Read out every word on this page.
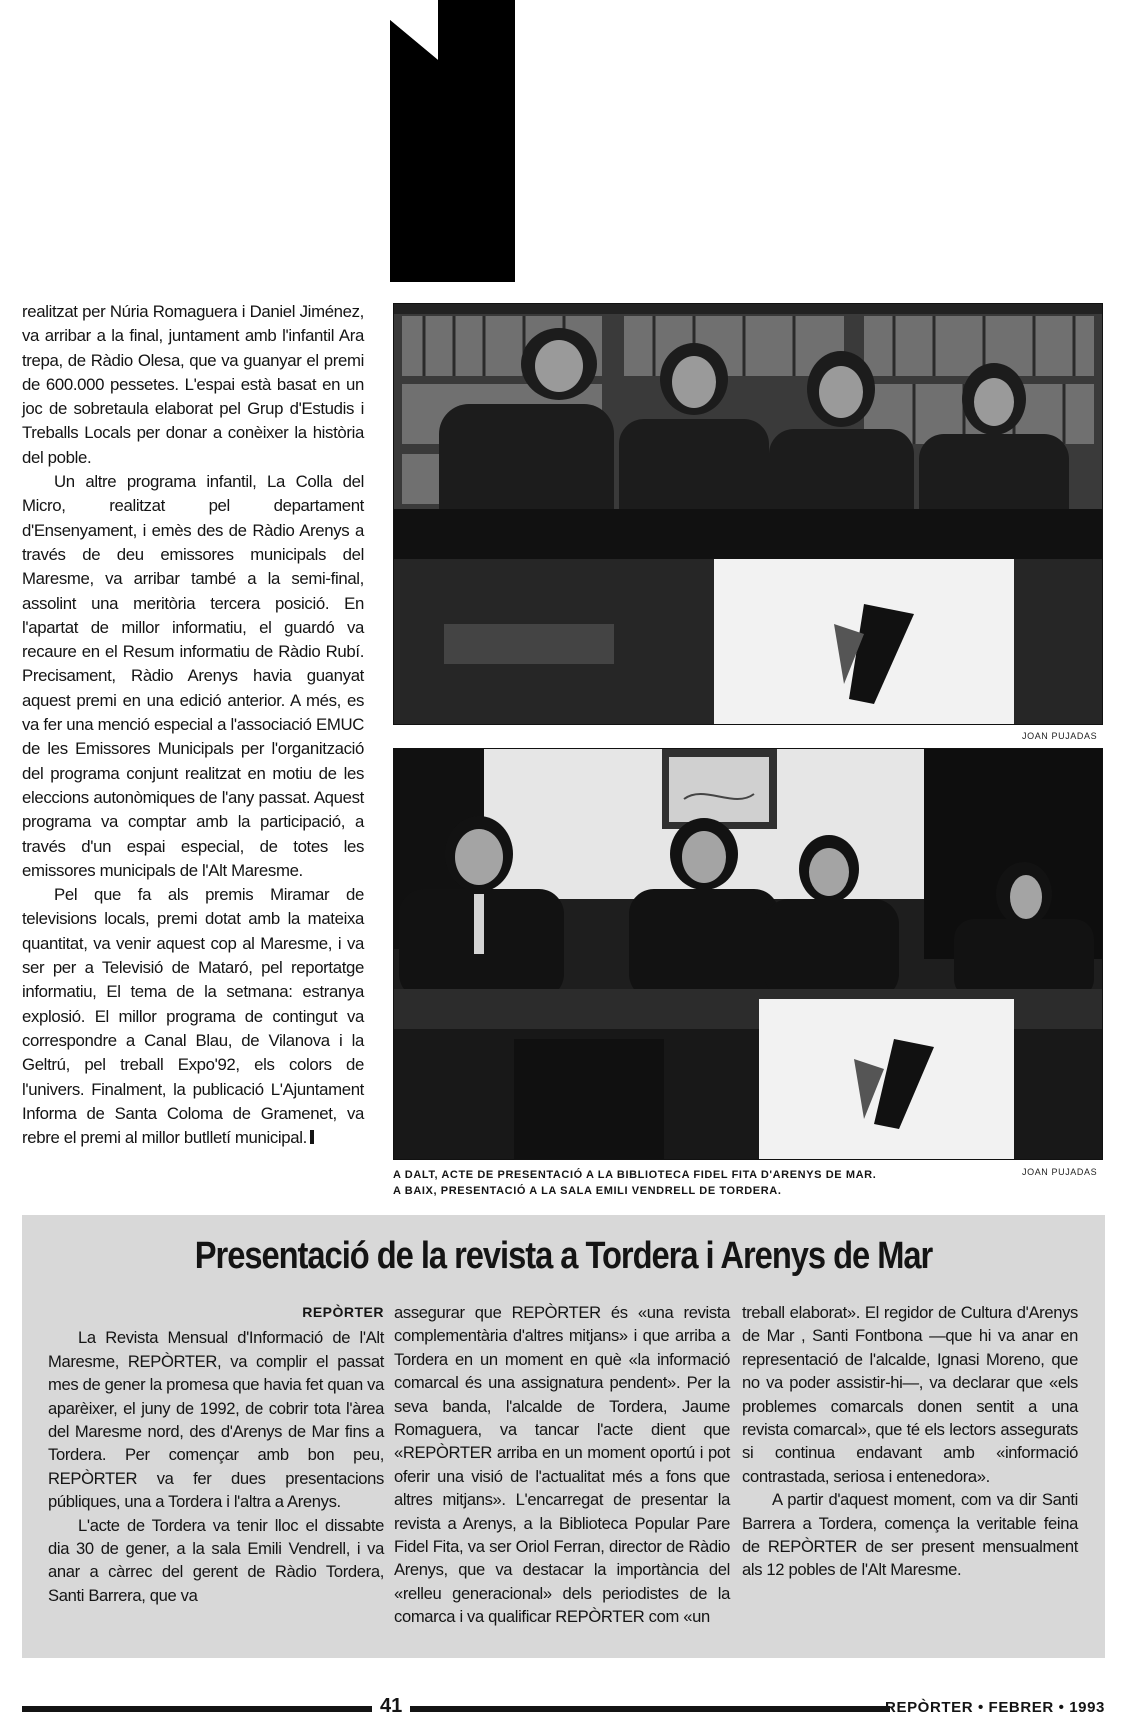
realitzat per Núria Romaguera i Daniel Jiménez, va arribar a la final, juntament amb l'infantil Ara trepa, de Ràdio Olesa, que va guanyar el premi de 600.000 pessetes. L'espai està basat en un joc de sobretaula elaborat pel Grup d'Estudis i Treballs Locals per donar a conèixer la història del poble.

Un altre programa infantil, La Colla del Micro, realitzat pel departament d'Ensenyament, i emès des de Ràdio Arenys a través de deu emissores municipals del Maresme, va arribar també a la semi-final, assolint una meritòria tercera posició. En l'apartat de millor informatiu, el guardó va recaure en el Resum informatiu de Ràdio Rubí. Precisament, Ràdio Arenys havia guanyat aquest premi en una edició anterior. A més, es va fer una menció especial a l'associació EMUC de les Emissores Municipals per l'organització del programa conjunt realitzat en motiu de les eleccions autonòmiques de l'any passat. Aquest programa va comptar amb la participació, a través d'un espai especial, de totes les emissores municipals de l'Alt Maresme.

Pel que fa als premis Miramar de televisions locals, premi dotat amb la mateixa quantitat, va venir aquest cop al Maresme, i va ser per a Televisió de Mataró, pel reportatge informatiu, El tema de la setmana: estranya explosió. El millor programa de contingut va correspondre a Canal Blau, de Vilanova i la Geltrú, pel treball Expo'92, els colors de l'univers. Finalment, la publicació L'Ajuntament Informa de Santa Coloma de Gramenet, va rebre el premi al millor butlletí municipal.

JOAN PUJADAS
JOAN PUJADAS
A DALT, ACTE DE PRESENTACIÓ A LA BIBLIOTECA FIDEL FITA D'ARENYS DE MAR.
A BAIX, PRESENTACIÓ A LA SALA EMILI VENDRELL DE TORDERA.
Presentació de la revista a Tordera i Arenys de Mar

REPÒRTER

La Revista Mensual d'Informació de l'Alt Maresme, REPÒRTER, va complir el passat mes de gener la promesa que havia fet quan va aparèixer, el juny de 1992, de cobrir tota l'àrea del Maresme nord, des d'Arenys de Mar fins a Tordera. Per començar amb bon peu, REPÒRTER va fer dues presentacions públiques, una a Tordera i l'altra a Arenys.

L'acte de Tordera va tenir lloc el dissabte dia 30 de gener, a la sala Emili Vendrell, i va anar a càrrec del gerent de Ràdio Tordera, Santi Barrera, que va

assegurar que REPÒRTER és «una revista complementària d'altres mitjans» i que arriba a Tordera en un moment en què «la informació comarcal és una assignatura pendent». Per la seva banda, l'alcalde de Tordera, Jaume Romaguera, va tancar l'acte dient que «REPÒRTER arriba en un moment oportú i pot oferir una visió de l'actualitat més a fons que altres mitjans». L'encarregat de presentar la revista a Arenys, a la Biblioteca Popular Pare Fidel Fita, va ser Oriol Ferran, director de Ràdio Arenys, que va destacar la importància del «relleu generacional» dels periodistes de la comarca i va qualificar REPÒRTER com «un

treball elaborat». El regidor de Cultura d'Arenys de Mar , Santi Fontbona —que hi va anar en representació de l'alcalde, Ignasi Moreno, que no va poder assistir-hi—, va declarar que «els problemes comarcals donen sentit a una revista comarcal», que té els lectors assegurats si continua endavant amb «informació contrastada, seriosa i entenedora».

A partir d'aquest moment, com va dir Santi Barrera a Tordera, comença la veritable feina de REPÒRTER de ser present mensualment als 12 pobles de l'Alt Maresme.

41	REPÒRTER • FEBRER • 1993
